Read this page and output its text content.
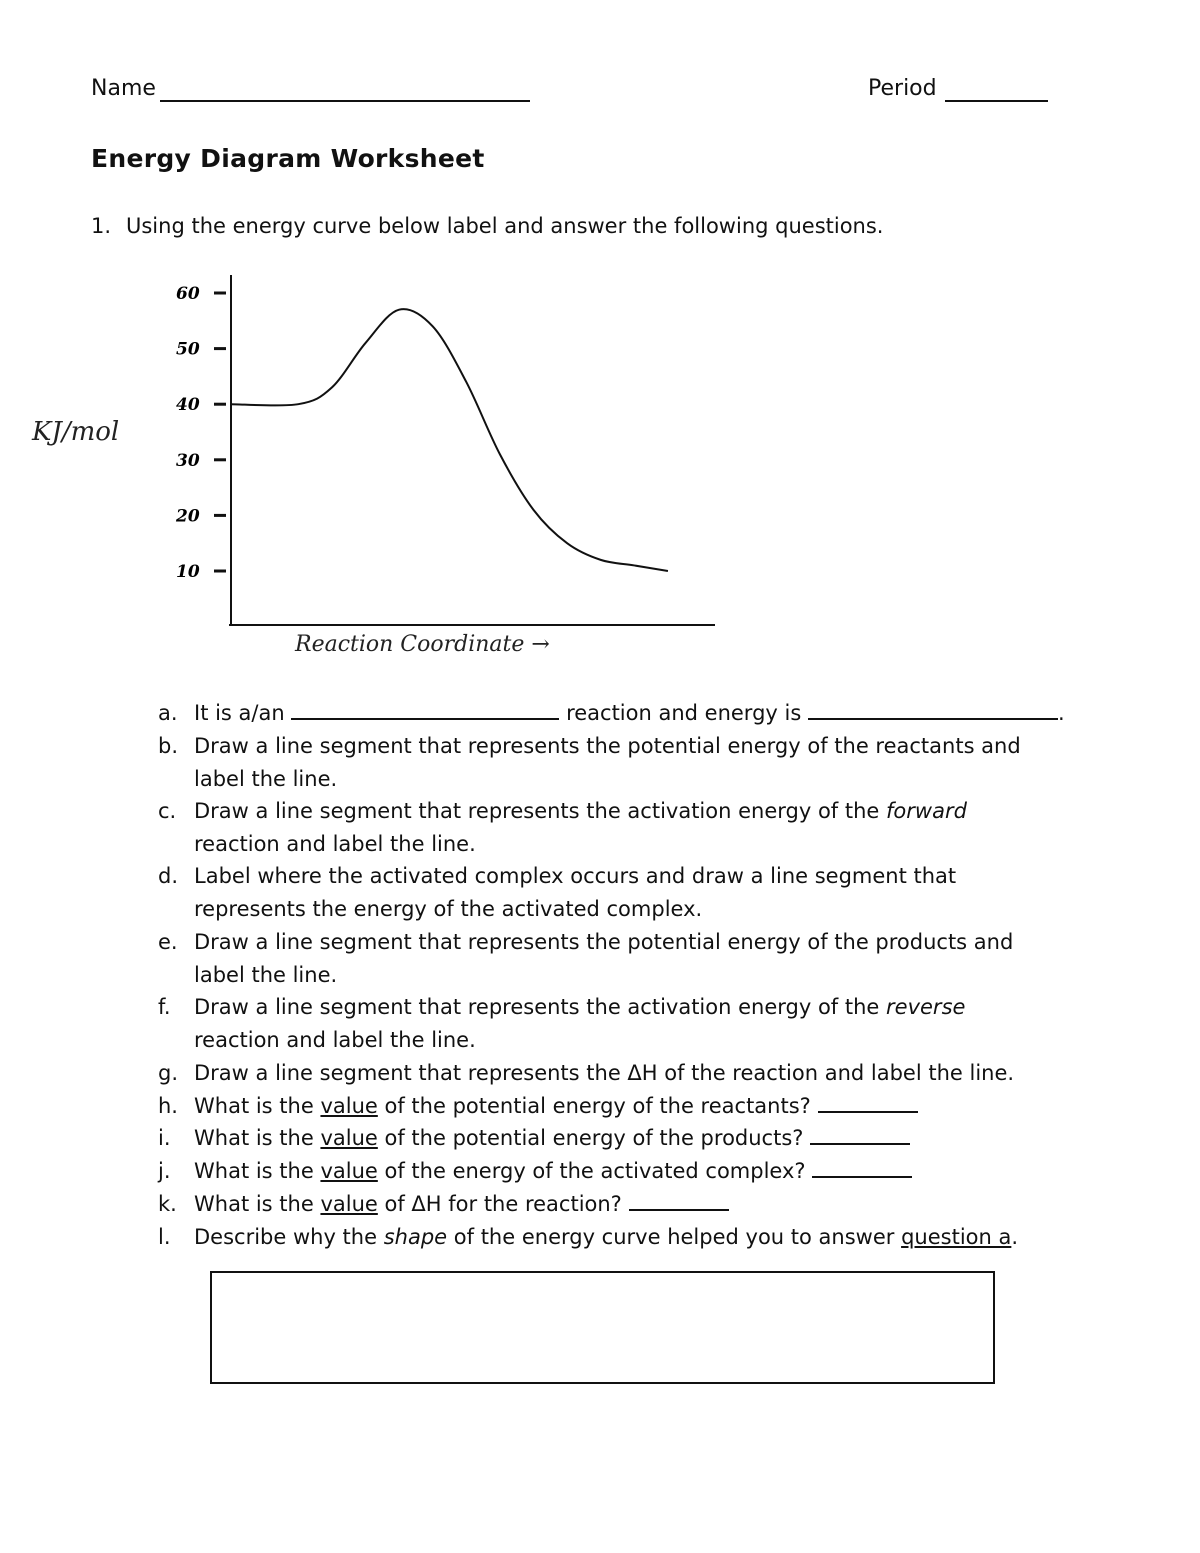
Name	Period
Energy Diagram Worksheet
1. Using the energy curve below label and answer the following questions.
60
50
40
30
20
10
KJ/mol
Reaction Coordinate →
a. It is a/an	reaction and energy is	.
b. Draw a line segment that represents the potential energy of the reactants and
label the line.
c. Draw a line segment that represents the activation energy of the forward
reaction and label the line.
d. Label where the activated complex occurs and draw a line segment that
represents the energy of the activated complex.
e. Draw a line segment that represents the potential energy of the products and
label the line.
f.	Draw a line segment that represents the activation energy of the reverse
reaction and label the line.
g. Draw a line segment that represents the ΔH of the reaction and label the line.
h. What is the value of the potential energy of the reactants?
i.	What is the value of the potential energy of the products?
j.	What is the value of the energy of the activated complex?
k. What is the value of ΔH for the reaction?
l.	Describe why the shape of the energy curve helped you to answer question a.
